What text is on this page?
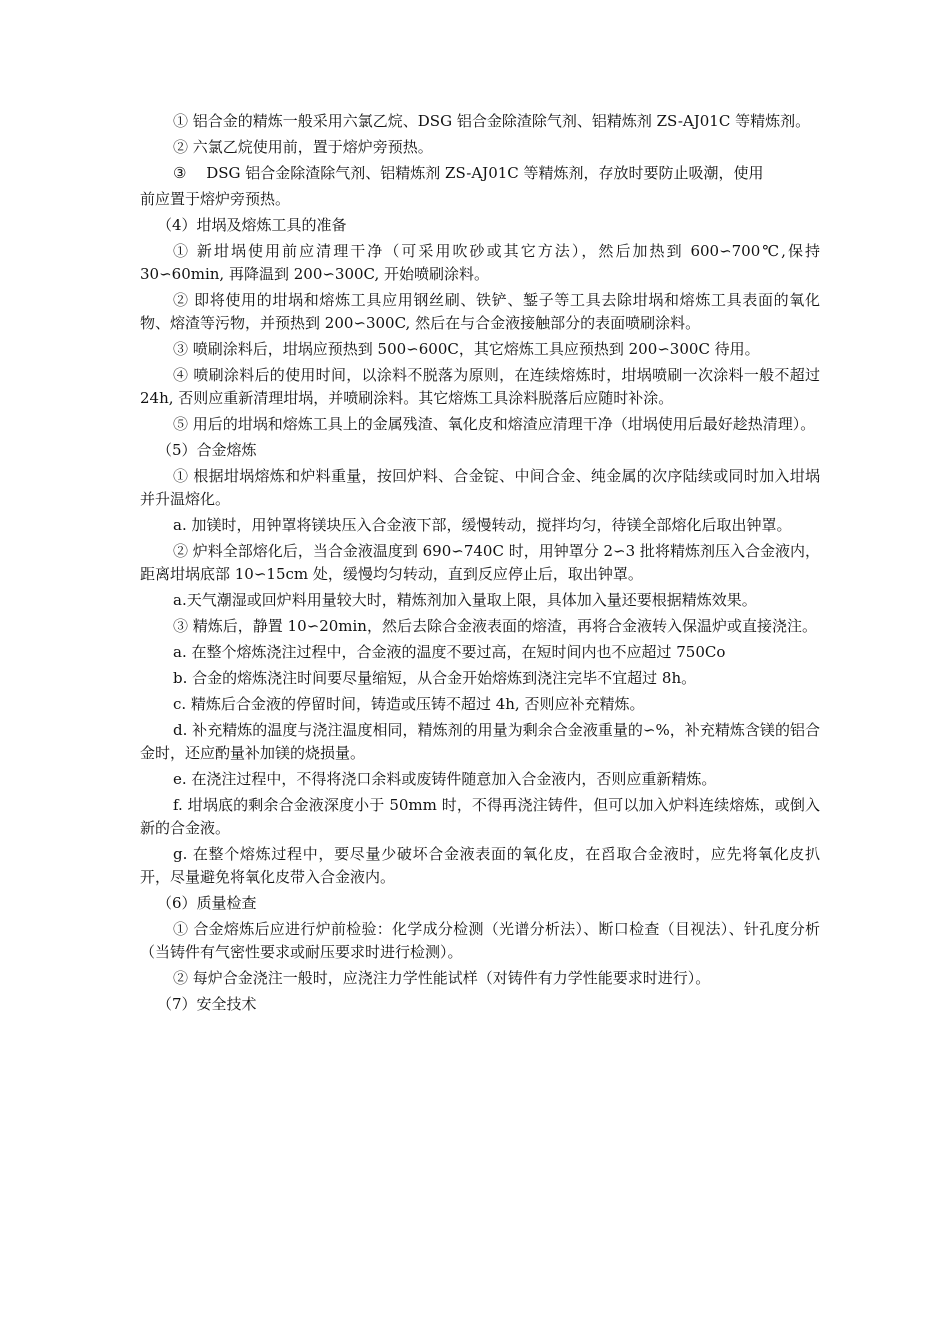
① 铝合金的精炼一般采用六氯乙烷、DSG 铝合金除渣除气剂、铝精炼剂 ZS-AJ01C 等精炼剂。

② 六氯乙烷使用前，置于熔炉旁预热。

③　 DSG 铝合金除渣除气剂、铝精炼剂 ZS-AJ01C 等精炼剂，存放时要防止吸潮，使用

前应置于熔炉旁预热。

（4）坩埚及熔炼工具的准备

① 新坩埚使用前应清理干净（可采用吹砂或其它方法），然后加热到 600∽700℃,保持 30∽60min, 再降温到 200∽300C, 开始喷刷涂料。

② 即将使用的坩埚和熔炼工具应用钢丝刷、铁铲、錾子等工具去除坩埚和熔炼工具表面的氧化物、熔渣等污物，并预热到 200∽300C, 然后在与合金液接触部分的表面喷刷涂料。

③ 喷刷涂料后，坩埚应预热到 500∽600C，其它熔炼工具应预热到 200∽300C 待用。

④ 喷刷涂料后的使用时间，以涂料不脱落为原则，在连续熔炼时，坩埚喷刷一次涂料一般不超过 24h, 否则应重新清理坩埚，并喷刷涂料。其它熔炼工具涂料脱落后应随时补涂。

⑤ 用后的坩埚和熔炼工具上的金属残渣、氧化皮和熔渣应清理干净（坩埚使用后最好趁热清理）。

（5）合金熔炼

① 根据坩埚熔炼和炉料重量，按回炉料、合金锭、中间合金、纯金属的次序陆续或同时加入坩埚并升温熔化。

a. 加镁时，用钟罩将镁块压入合金液下部，缓慢转动，搅拌均匀，待镁全部熔化后取出钟罩。

② 炉料全部熔化后，当合金液温度到 690∽740C 时，用钟罩分 2∽3 批将精炼剂压入合金液内，距离坩埚底部 10∽15cm 处，缓慢均匀转动，直到反应停止后，取出钟罩。

a.天气潮湿或回炉料用量较大时，精炼剂加入量取上限，具体加入量还要根据精炼效果。

③ 精炼后，静置 10∽20min，然后去除合金液表面的熔渣，再将合金液转入保温炉或直接浇注。

a. 在整个熔炼浇注过程中，合金液的温度不要过高，在短时间内也不应超过 750Co

b. 合金的熔炼浇注时间要尽量缩短，从合金开始熔炼到浇注完毕不宜超过 8h。

c. 精炼后合金液的停留时间，铸造或压铸不超过 4h, 否则应补充精炼。

d. 补充精炼的温度与浇注温度相同，精炼剂的用量为剩余合金液重量的∽%，补充精炼含镁的铝合金时，还应酌量补加镁的烧损量。

e. 在浇注过程中，不得将浇口余料或废铸件随意加入合金液内，否则应重新精炼。

f. 坩埚底的剩余合金液深度小于 50mm 时，不得再浇注铸件，但可以加入炉料连续熔炼，或倒入新的合金液。

g. 在整个熔炼过程中，要尽量少破坏合金液表面的氧化皮，在舀取合金液时，应先将氧化皮扒开，尽量避免将氧化皮带入合金液内。

（6）质量检查

① 合金熔炼后应进行炉前检验：化学成分检测（光谱分析法）、断口检查（目视法）、针孔度分析（当铸件有气密性要求或耐压要求时进行检测）。

② 每炉合金浇注一般时，应浇注力学性能试样（对铸件有力学性能要求时进行）。

（7）安全技术
